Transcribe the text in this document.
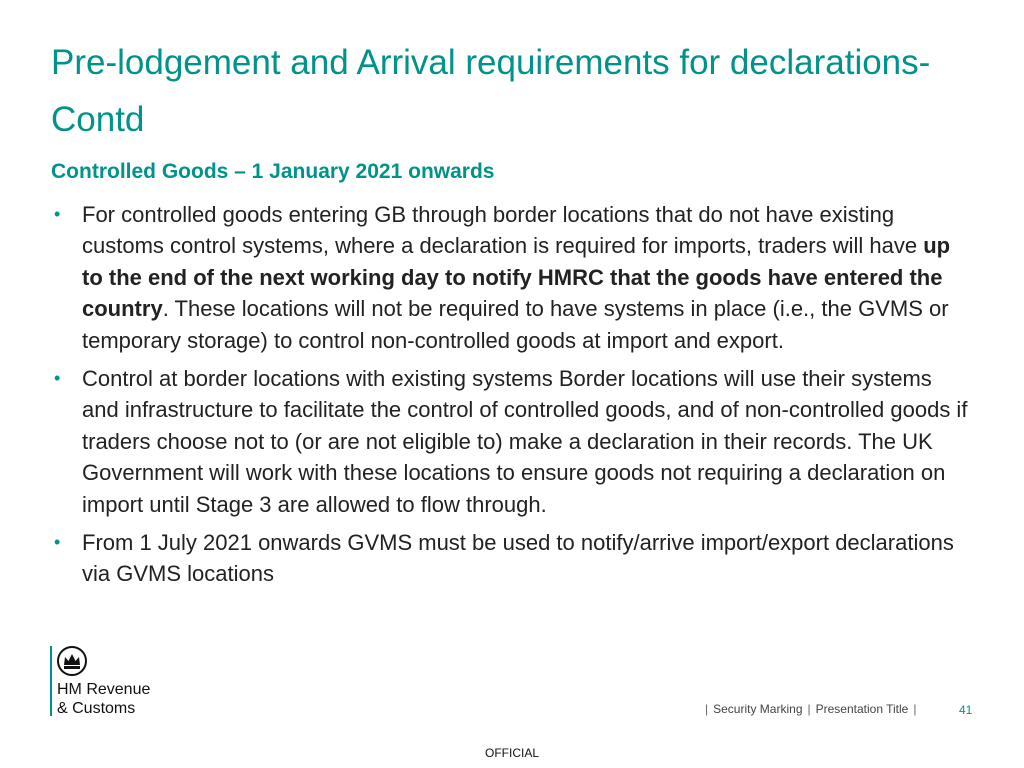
Pre-lodgement and Arrival requirements for declarations-Contd
Controlled Goods – 1 January 2021 onwards
• For controlled goods entering GB through border locations that do not have existing customs control systems, where a declaration is required for imports, traders will have up to the end of the next working day to notify HMRC that the goods have entered the country. These locations will not be required to have systems in place (i.e., the GVMS or temporary storage) to control non-controlled goods at import and export.
• Control at border locations with existing systems Border locations will use their systems and infrastructure to facilitate the control of controlled goods, and of non-controlled goods if traders choose not to (or are not eligible to) make a declaration in their records. The UK Government will work with these locations to ensure goods not requiring a declaration on import until Stage 3 are allowed to flow through.
• From 1 July 2021 onwards GVMS must be used to notify/arrive import/export declarations via GVMS locations
HM Revenue
& Customs	| Security Marking | Presentation Title |	41
OFFICIAL
